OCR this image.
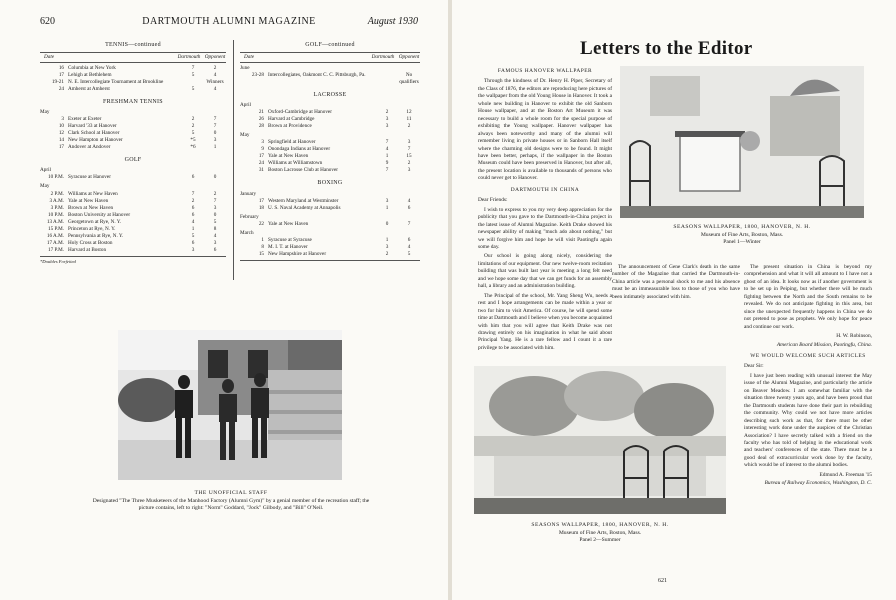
620	DARTMOUTH ALUMNI MAGAZINE	August 1930
TENNIS—continued
Date	Dartmouth Opponent
16 Columbia at New York	7	2
17 Lehigh at Bethlehem	5	4
19-21 N. E. Intercollegiate Tournament at Brookline	Winners
24 Amherst at Amherst	5	4
FRESHMAN TENNIS
May
3 Exeter at Exeter	2	7
10 Harvard '33 at Hanover	2	7
12 Clark School at Hanover	5	0
14 New Hampton at Hanover	*5	3
17 Andover at Andover	*6	1
GOLF
April
10 P.M. Syracuse at Hanover	6	0
May
2 P.M. Williams at New Haven	7	2
3 A.M. Yale at New Haven	2	7
3 P.M. Brown at New Haven	6	3
10 P.M. Boston University at Hanover	6	0
13 A.M. Georgetown at Rye, N. Y.	4	5
15 P.M. Princeton at Rye, N. Y.	1	8
16 A.M. Pennsylvania at Rye, N. Y.	5	4
17 A.M. Holy Cross at Boston	6	3
17 P.M. Harvard at Boston	3	6
*Doubles Forfeited
GOLF—continued
Date	Dartmouth Opponent
June
23-28 Intercollegiates, Oakmont C. C. Pittsburgh, Pa.	No qualifiers
LACROSSE
April
21 Oxford-Cambridge at Hanover	2	12
26 Harvard at Cambridge	3	11
28 Brown at Providence	3	2
May
3 Springfield at Hanover	7	3
9 Onondaga Indians at Hanover	4	7
17 Yale at New Haven	1	15
24 Williams at Williamstown	9	2
31 Boston Lacrosse Club at Hanover	7	3
BOXING
January
17 Western Maryland at Westminster	3	4
18 U. S. Naval Academy at Annapolis	1	6
February
22 Yale at New Haven	0	7
March
1 Syracuse at Syracuse	1	6
8 M. I. T. at Hanover	3	4
15 New Hampshire at Hanover	2	5
THE UNOFFICIAL STAFF
Designated "The Three Musketeers of the Manhood Factory (Alumni Gym)" by a genial member of the recreation staff; the picture contains, left to right: "Norm" Goddard, "Jock" Gilbody, and "Bill" O'Neil.
Letters to the Editor
FAMOUS HANOVER WALLPAPER

Through the kindness of Dr. Henry H. Piper, Secretary of the Class of 1876, the editors are reproducing here pictures of the wallpaper from the old Young House in Hanover. It took a whole new building in Hanover to exhibit the old Sanborn House wallpaper, and at the Boston Art Museum it was necessary to build a whole room for the special purpose of exhibiting the Young wallpaper. Hanover wallpaper has always been noteworthy and many of the alumni will remember living in private houses or in Sanborn Hall itself where the charming old designs were to be found. It might have been better, perhaps, if the wallpaper in the Boston Museum could have been preserved in Hanover, but after all, the present location is available to thousands of persons who could never get to Hanover.

DARTMOUTH IN CHINA

Dear Friends:

I wish to express to you my very deep appreciation for the publicity that you gave to the Dartmouth-in-China project in the latest issue of Alumni Magazine. Keith Drake showed his newspaper ability of making "much ado about nothing," but we will forgive him and hope he will visit Paotingfu again some day.

Our school is going along nicely, considering the limitations of our equipment. Our new twelve-room recitation building that was built last year is meeting a long felt need and we hope some day that we can get funds for an assembly hall, a library and an administration building.

The Principal of the school, Mr. Yang Sheng Wu, needs a rest and I hope arrangements can be made within a year or two for him to visit America. Of course, he will spend some time at Dartmouth and I believe when you become acquainted with him that you will agree that Keith Drake was not drawing entirely on his imagination in what he said about Principal Yang. He is a rare fellow and I count it a rare privilege to be associated with him.

SEASONS WALLPAPER, 1800, HANOVER, N. H.
Museum of Fine Arts, Boston, Mass.
Panel 1—Winter

The announcement of Gene Clark's death in the same number of the Magazine that carried the Dartmouth-in-China article was a personal shock to me and his absence must be an immeasurable loss to those of you who have been intimately associated with him.

The present situation in China is beyond my comprehension and what it will all amount to I have not a ghost of an idea. It looks now as if another government is to be set up in Peiping, but whether there will be much fighting between the North and the South remains to be revealed. We do not anticipate fighting in this area, but since the unexpected frequently happens in China we do not pretend to pose as prophets. We only hope for peace and continue our work.

H. W. Robinson,
American Board Mission, Paotingfu, China.
WE WOULD WELCOME SUCH ARTICLES

Dear Sir:

I have just been reading with unusual interest the May issue of the Alumni Magazine, and particularly the article on Beaver Meadow. I am somewhat familiar with the situation three twenty years ago, and have been proud that the Dartmouth students have done their part in rebuilding the community. Why could we not have more articles describing such work as that, for there must be other interesting work done under the auspices of the Christian Association? I have secretly talked with a friend on the faculty who has told of helping in the educational work and teachers' conferences of the state. There must be a good deal of extracurricular work done by the faculty, which would be of interest to the alumni bodies.

Edmund A. Freeman '15
Bureau of Railway Economics, Washington, D. C.
SEASONS WALLPAPER, 1800, HANOVER, N. H.
Museum of Fine Arts, Boston, Mass.
Panel 2—Summer
621
